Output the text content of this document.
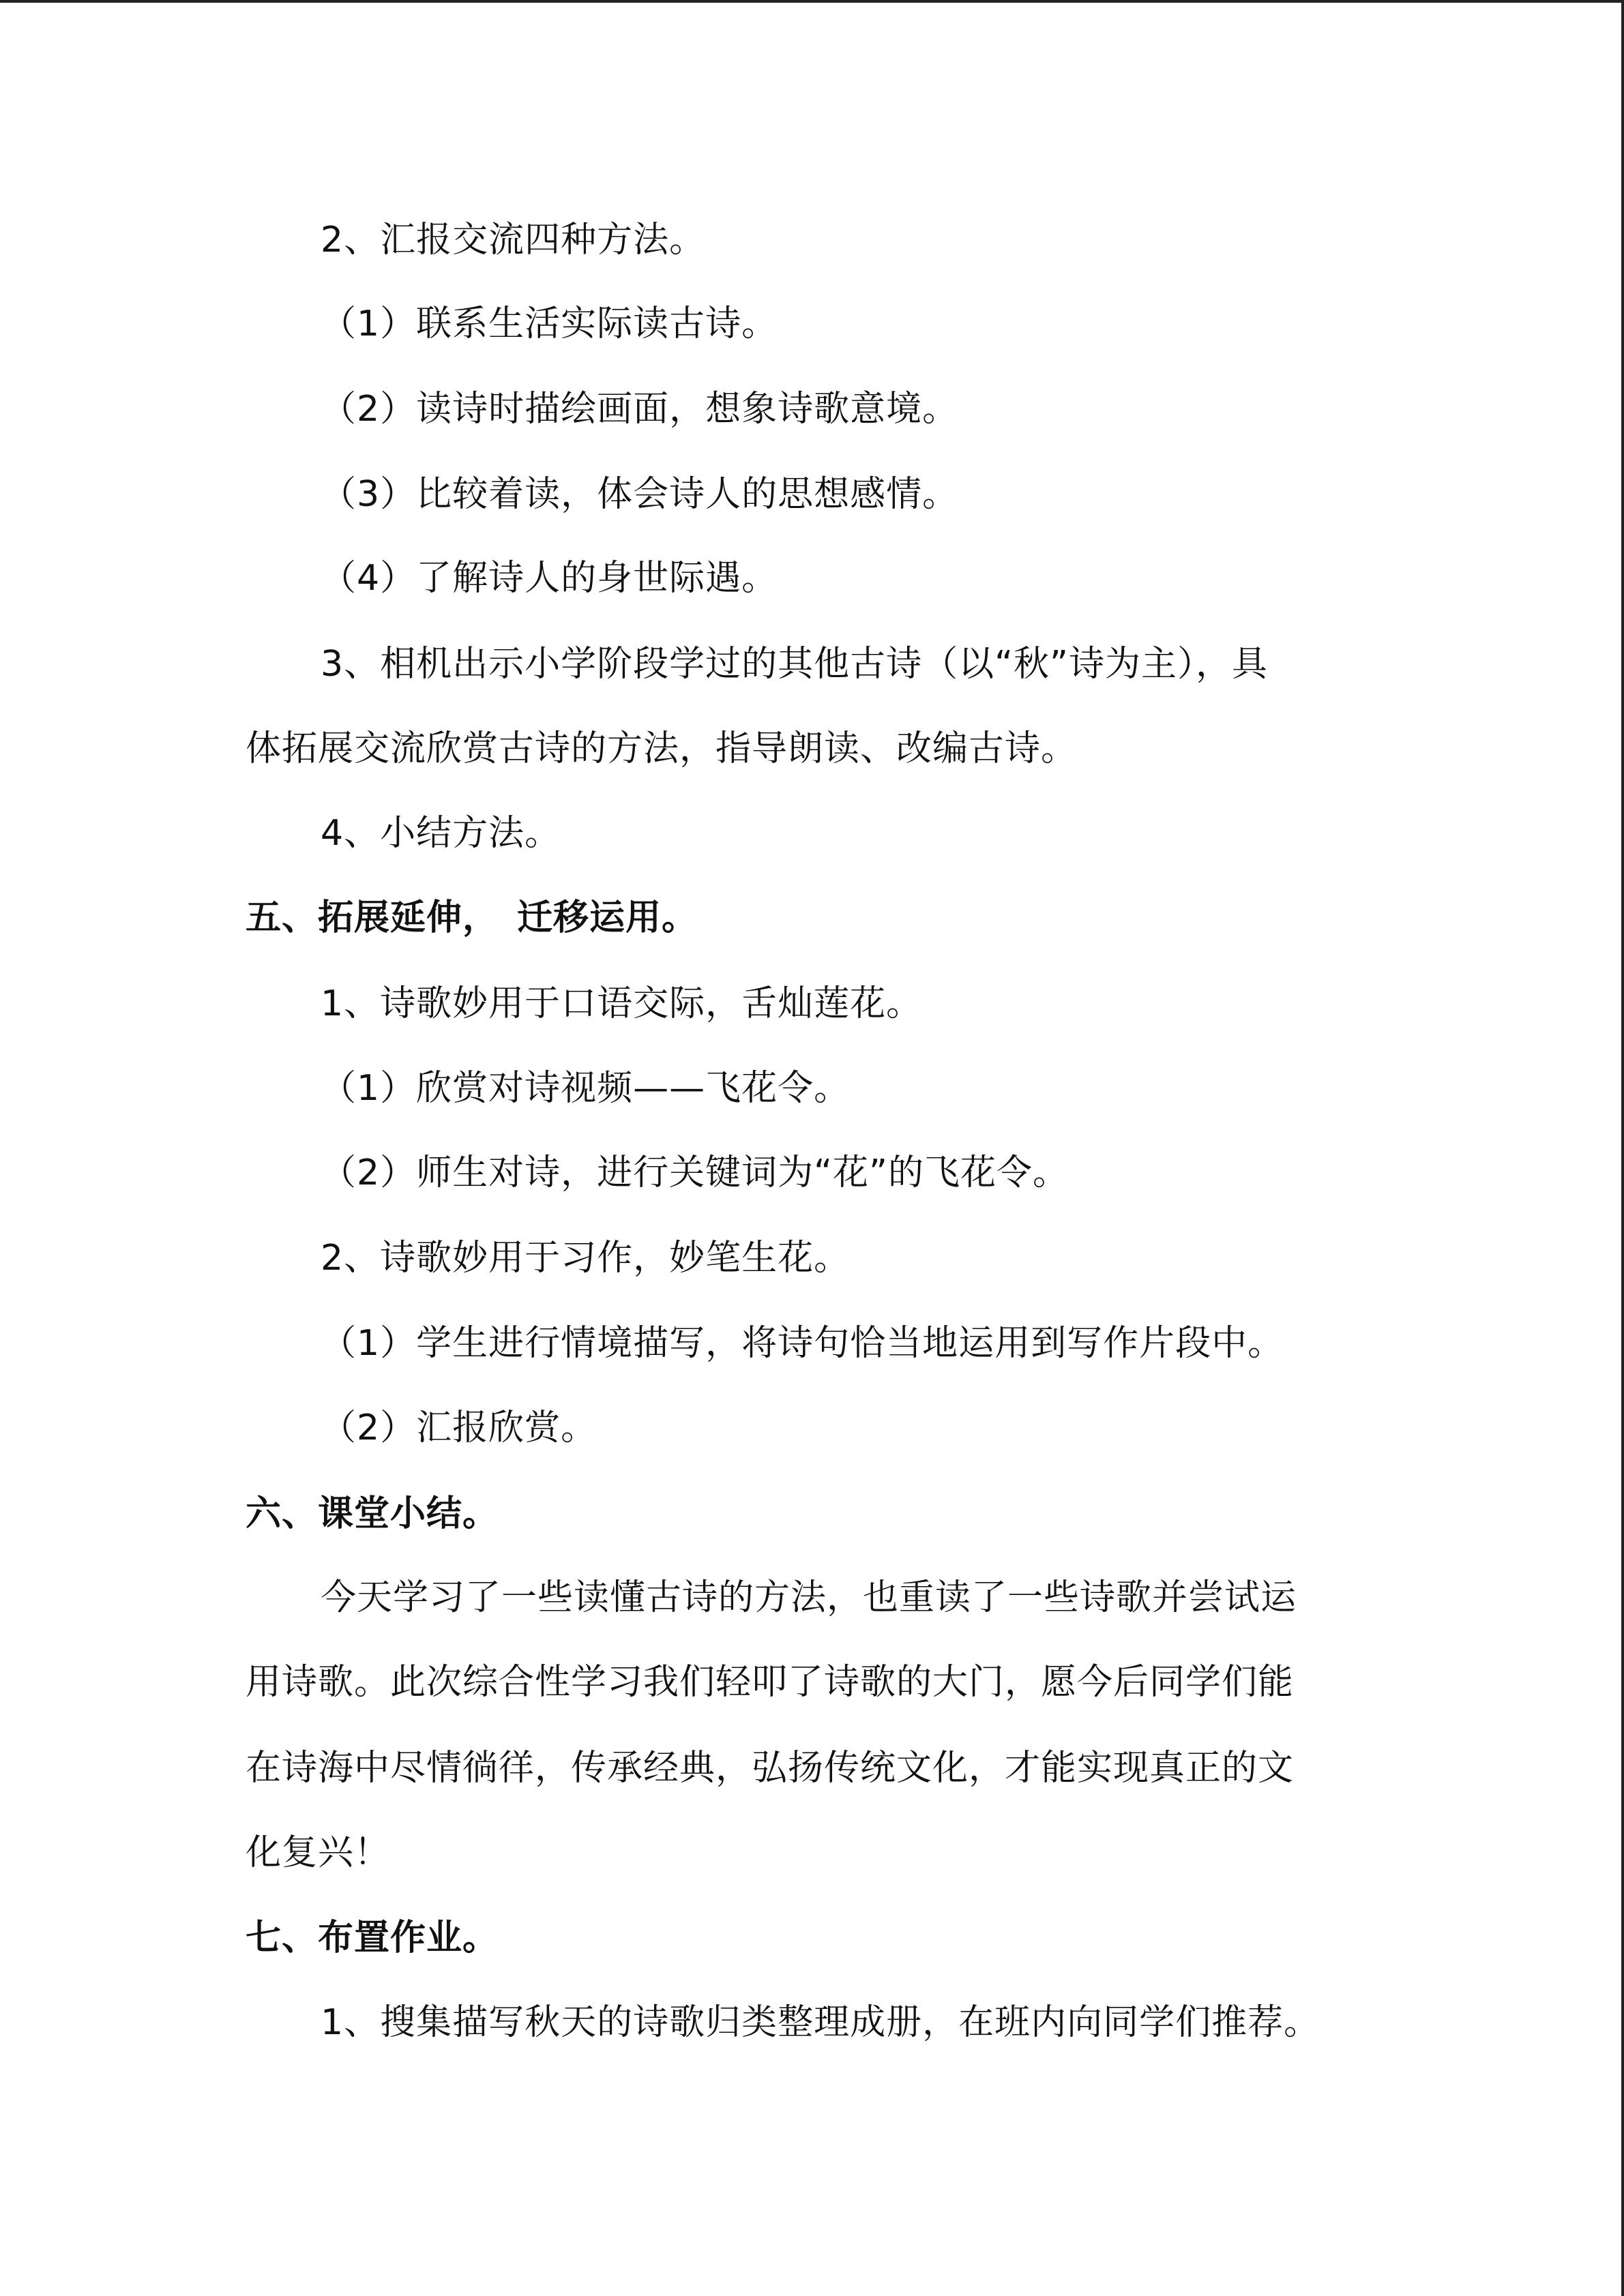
2、汇报交流四种方法。
（1）联系生活实际读古诗。
（2）读诗时描绘画面，想象诗歌意境。
（3）比较着读，体会诗人的思想感情。
（4）了解诗人的身世际遇。
3、相机出示小学阶段学过的其他古诗（以“秋”诗为主），具
体拓展交流欣赏古诗的方法，指导朗读、改编古诗。
4、小结方法。
五、拓展延伸，　迁移运用。
1、诗歌妙用于口语交际，舌灿莲花。
（1）欣赏对诗视频——飞花令。
（2）师生对诗，进行关键词为“花”的飞花令。
2、诗歌妙用于习作，妙笔生花。
（1）学生进行情境描写，将诗句恰当地运用到写作片段中。
（2）汇报欣赏。
六、课堂小结。
今天学习了一些读懂古诗的方法，也重读了一些诗歌并尝试运
用诗歌。此次综合性学习我们轻叩了诗歌的大门，愿今后同学们能
在诗海中尽情徜徉，传承经典，弘扬传统文化，才能实现真正的文
化复兴！
七、布置作业。
1、搜集描写秋天的诗歌归类整理成册，在班内向同学们推荐。
